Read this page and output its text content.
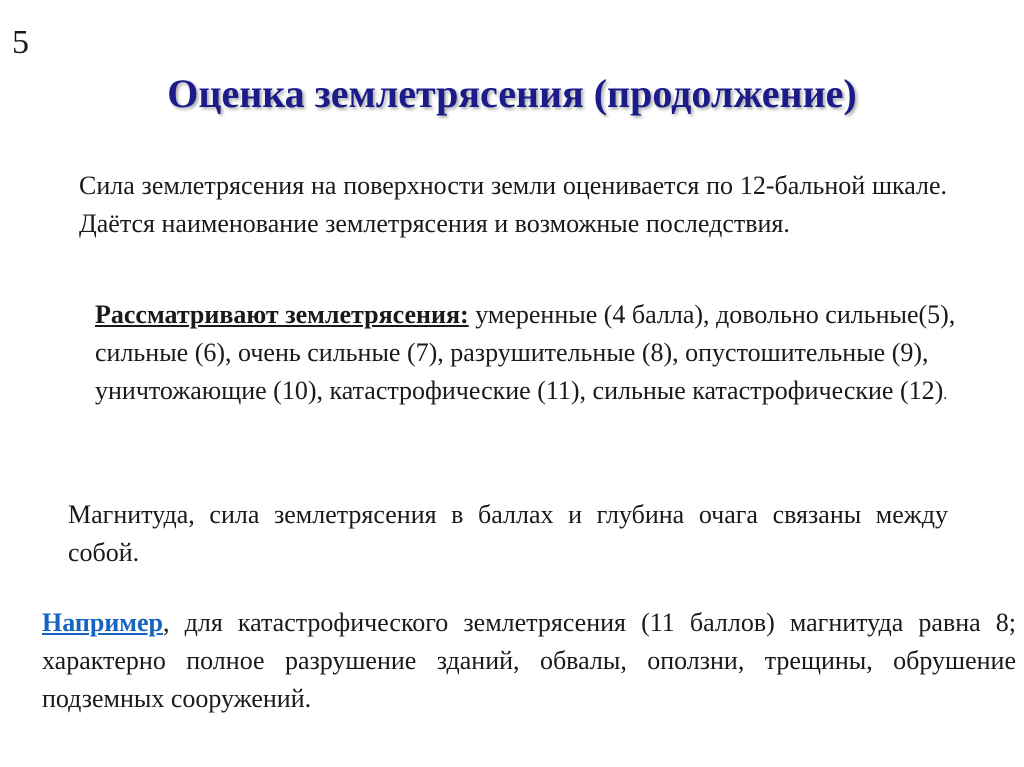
5
Оценка землетрясения (продолжение)

Сила землетрясения на поверхности земли оценивается по 12-бальной шкале. Даётся наименование землетрясения и возможные последствия.

Рассматривают землетрясения: умеренные (4 балла), довольно сильные(5), сильные (6), очень сильные (7), разрушительные (8), опустошительные (9), уничтожающие (10), катастрофические (11), сильные катастрофические (12).

Магнитуда, сила землетрясения в баллах и глубина очага связаны между собой.

Например, для катастрофического землетрясения (11 баллов) магнитуда равна 8; характерно полное разрушение зданий, обвалы, оползни, трещины, обрушение подземных сооружений.
